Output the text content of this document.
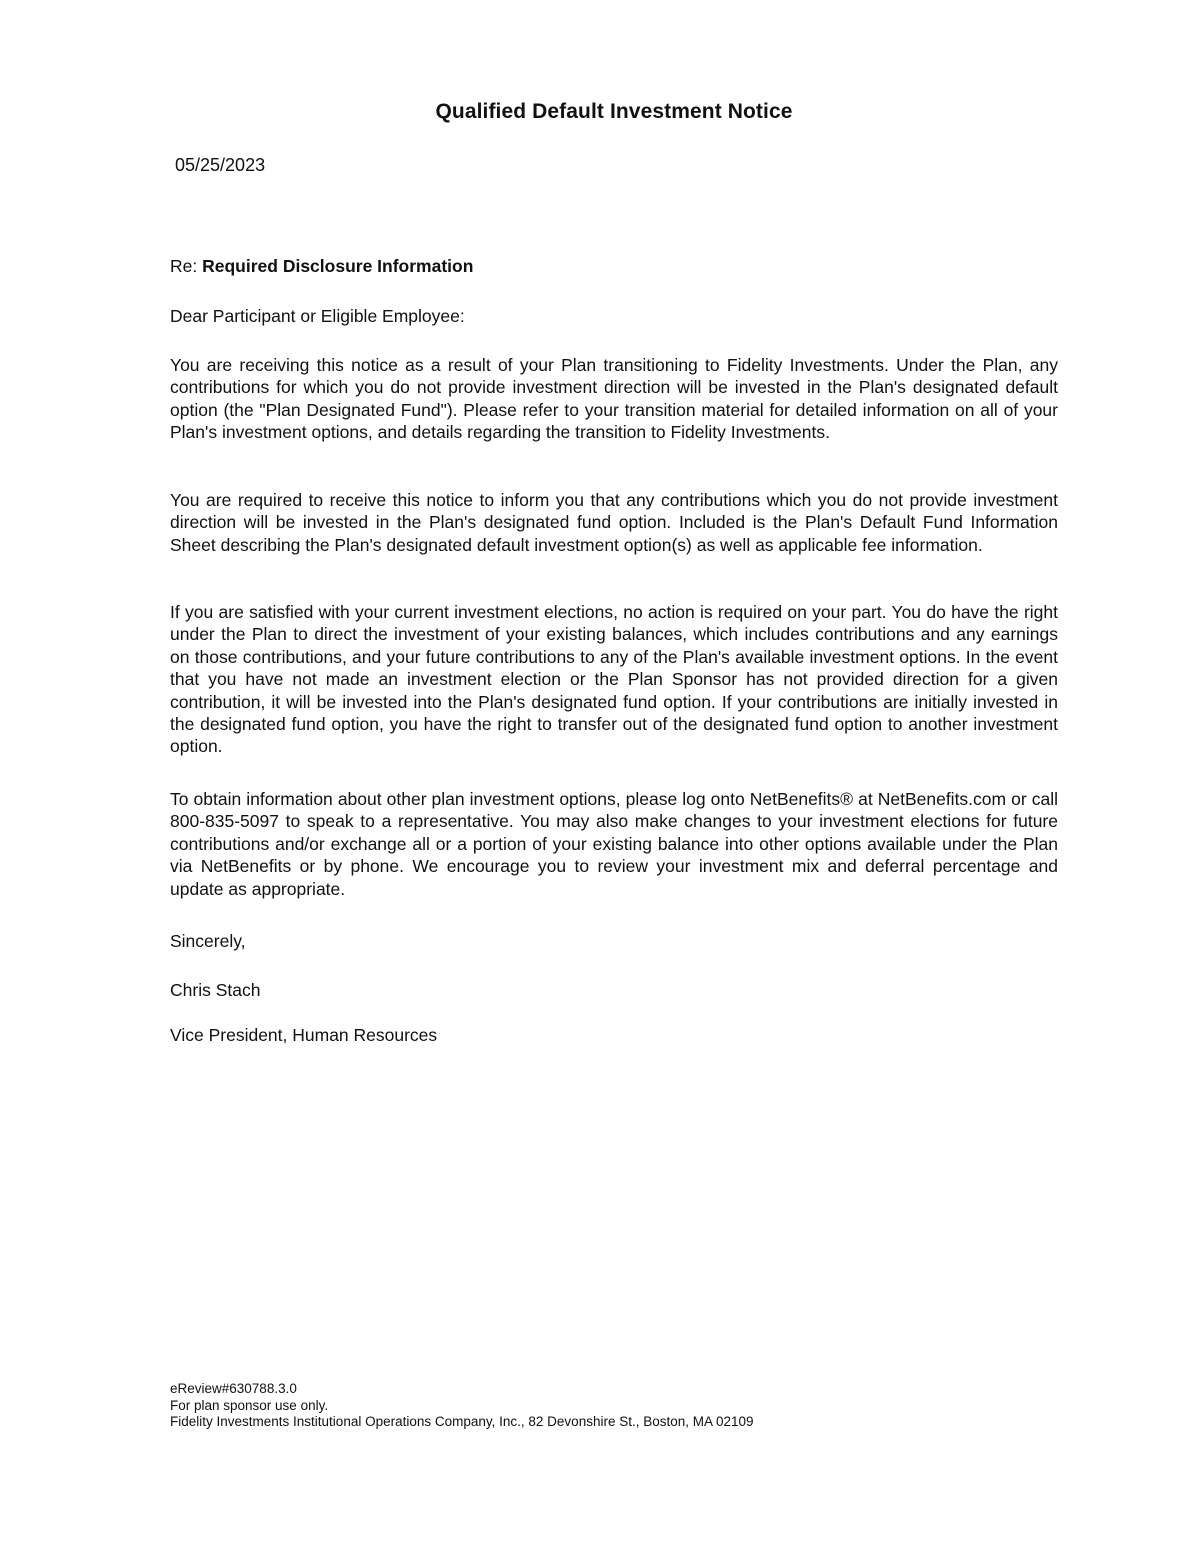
Qualified Default Investment Notice
05/25/2023
Re: Required Disclosure Information
Dear Participant or Eligible Employee:
You are receiving this notice as a result of your Plan transitioning to Fidelity Investments. Under the Plan, any contributions for which you do not provide investment direction will be invested in the Plan's designated default option (the "Plan Designated Fund"). Please refer to your transition material for detailed information on all of your Plan's investment options, and details regarding the transition to Fidelity Investments.
You are required to receive this notice to inform you that any contributions which you do not provide investment direction will be invested in the Plan's designated fund option. Included is the Plan's Default Fund Information Sheet describing the Plan's designated default investment option(s) as well as applicable fee information.
If you are satisfied with your current investment elections, no action is required on your part. You do have the right under the Plan to direct the investment of your existing balances, which includes contributions and any earnings on those contributions, and your future contributions to any of the Plan's available investment options. In the event that you have not made an investment election or the Plan Sponsor has not provided direction for a given contribution, it will be invested into the Plan's designated fund option. If your contributions are initially invested in the designated fund option, you have the right to transfer out of the designated fund option to another investment option.
To obtain information about other plan investment options, please log onto NetBenefits® at NetBenefits.com or call 800-835-5097 to speak to a representative. You may also make changes to your investment elections for future contributions and/or exchange all or a portion of your existing balance into other options available under the Plan via NetBenefits or by phone. We encourage you to review your investment mix and deferral percentage and update as appropriate.
Sincerely,
Chris Stach
Vice President, Human Resources
eReview#630788.3.0
For plan sponsor use only.
Fidelity Investments Institutional Operations Company, Inc., 82 Devonshire St., Boston, MA 02109
